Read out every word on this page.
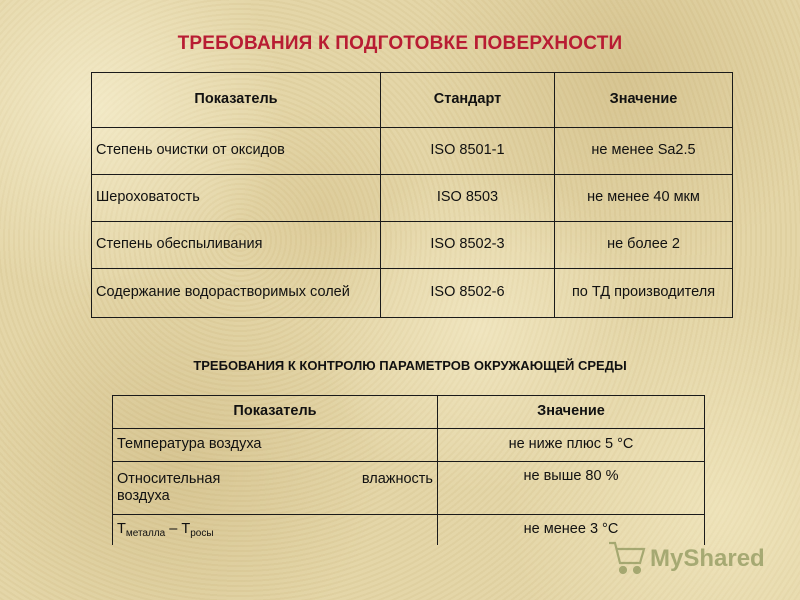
ТРЕБОВАНИЯ К ПОДГОТОВКЕ ПОВЕРХНОСТИ
Показатель	Стандарт	Значение
Степень очистки от оксидов	ISO 8501-1	не менее Sa2.5
Шероховатость	ISO 8503	не менее 40 мкм
Степень обеспыливания	ISO 8502-3	не более 2
Содержание водорастворимых солей	ISO 8502-6	по ТД производителя
ТРЕБОВАНИЯ К КОНТРОЛЮ ПАРАМЕТРОВ ОКРУЖАЮЩЕЙ СРЕДЫ
Показатель	Значение
Температура воздуха	не ниже плюс 5 °С

Относительная влажность
воздуха	не выше 80 %
$Т_{металла} - Т_{росы}$	не менее 3 °С
MyShared
